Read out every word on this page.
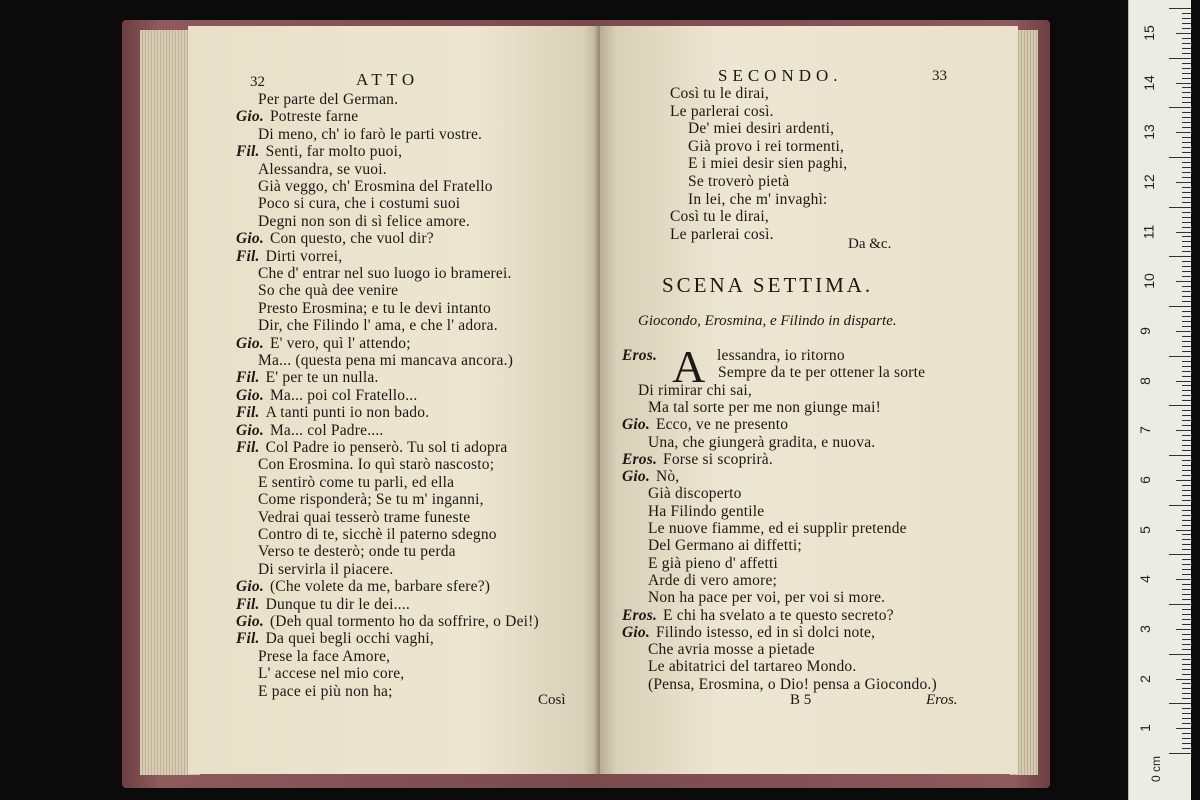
32	ATTO
Per parte del German.
Gio. Potreste farne
Di meno, ch' io farò le parti vostre.
Fil. Senti, far molto puoi,
Alessandra, se vuoi.
Già veggo, ch' Erosmina del Fratello
Poco si cura, che i costumi suoi
Degni non son di sì felice amore.
Gio. Con questo, che vuol dir?
Fil. Dirti vorrei,
Che d' entrar nel suo luogo io bramerei.
So che quà dee venire
Presto Erosmina; e tu le devi intanto
Dir, che Filindo l' ama, e che l' adora.
Gio. E' vero, quì l' attendo;
Ma... (questa pena mi mancava ancora.)
Fil. E' per te un nulla.
Gio. Ma... poi col Fratello...
Fil. A tanti punti io non bado.
Gio. Ma... col Padre....
Fil. Col Padre io penserò. Tu sol ti adopra
Con Erosmina. Io quì starò nascosto;
E sentirò come tu parli, ed ella
Come risponderà; Se tu m' inganni,
Vedrai quai tesserò trame funeste
Contro di te, sicchè il paterno sdegno
Verso te desterò; onde tu perda
Di servirla il piacere.
Gio. (Che volete da me, barbare sfere?)
Fil. Dunque tu dir le dei....
Gio. (Deh qual tormento ho da soffrire, o Dei!)
Fil. Da quei begli occhi vaghi,
Prese la face Amore,
L' accese nel mio core,
E pace ei più non ha;
Così
SECONDO.	33
Così tu le dirai,
Le parlerai così.
De' miei desiri ardenti,
Già provo i rei tormenti,
E i miei desir sien paghi,
Se troverò pietà
In lei, che m' invaghì:
Così tu le dirai,
Le parlerai così.
Da &c.
SCENA SETTIMA.
Giocondo, Erosmina, e Filindo in disparte.
A
Eros.	lessandra, io ritorno
Sempre da te per ottener la sorte
Di rimirar chi sai,
Ma tal sorte per me non giunge mai!
Gio. Ecco, ve ne presento
Una, che giungerà gradita, e nuova.
Eros. Forse si scoprirà.
Gio. Nò,
Già discoperto
Ha Filindo gentile
Le nuove fiamme, ed ei supplir pretende
Del Germano ai diffetti;
E già pieno d' affetti
Arde di vero amore;
Non ha pace per voi, per voi si more.
Eros. E chi ha svelato a te questo secreto?
Gio. Filindo istesso, ed in sì dolci note,
Che avria mosse a pietade
Le abitatrici del tartareo Mondo.
(Pensa, Erosmina, o Dio! pensa a Giocondo.)
B 5	Eros.
15
14
13
12
11
10
9
8
7
6
5
4
3
2
1
0 cm
